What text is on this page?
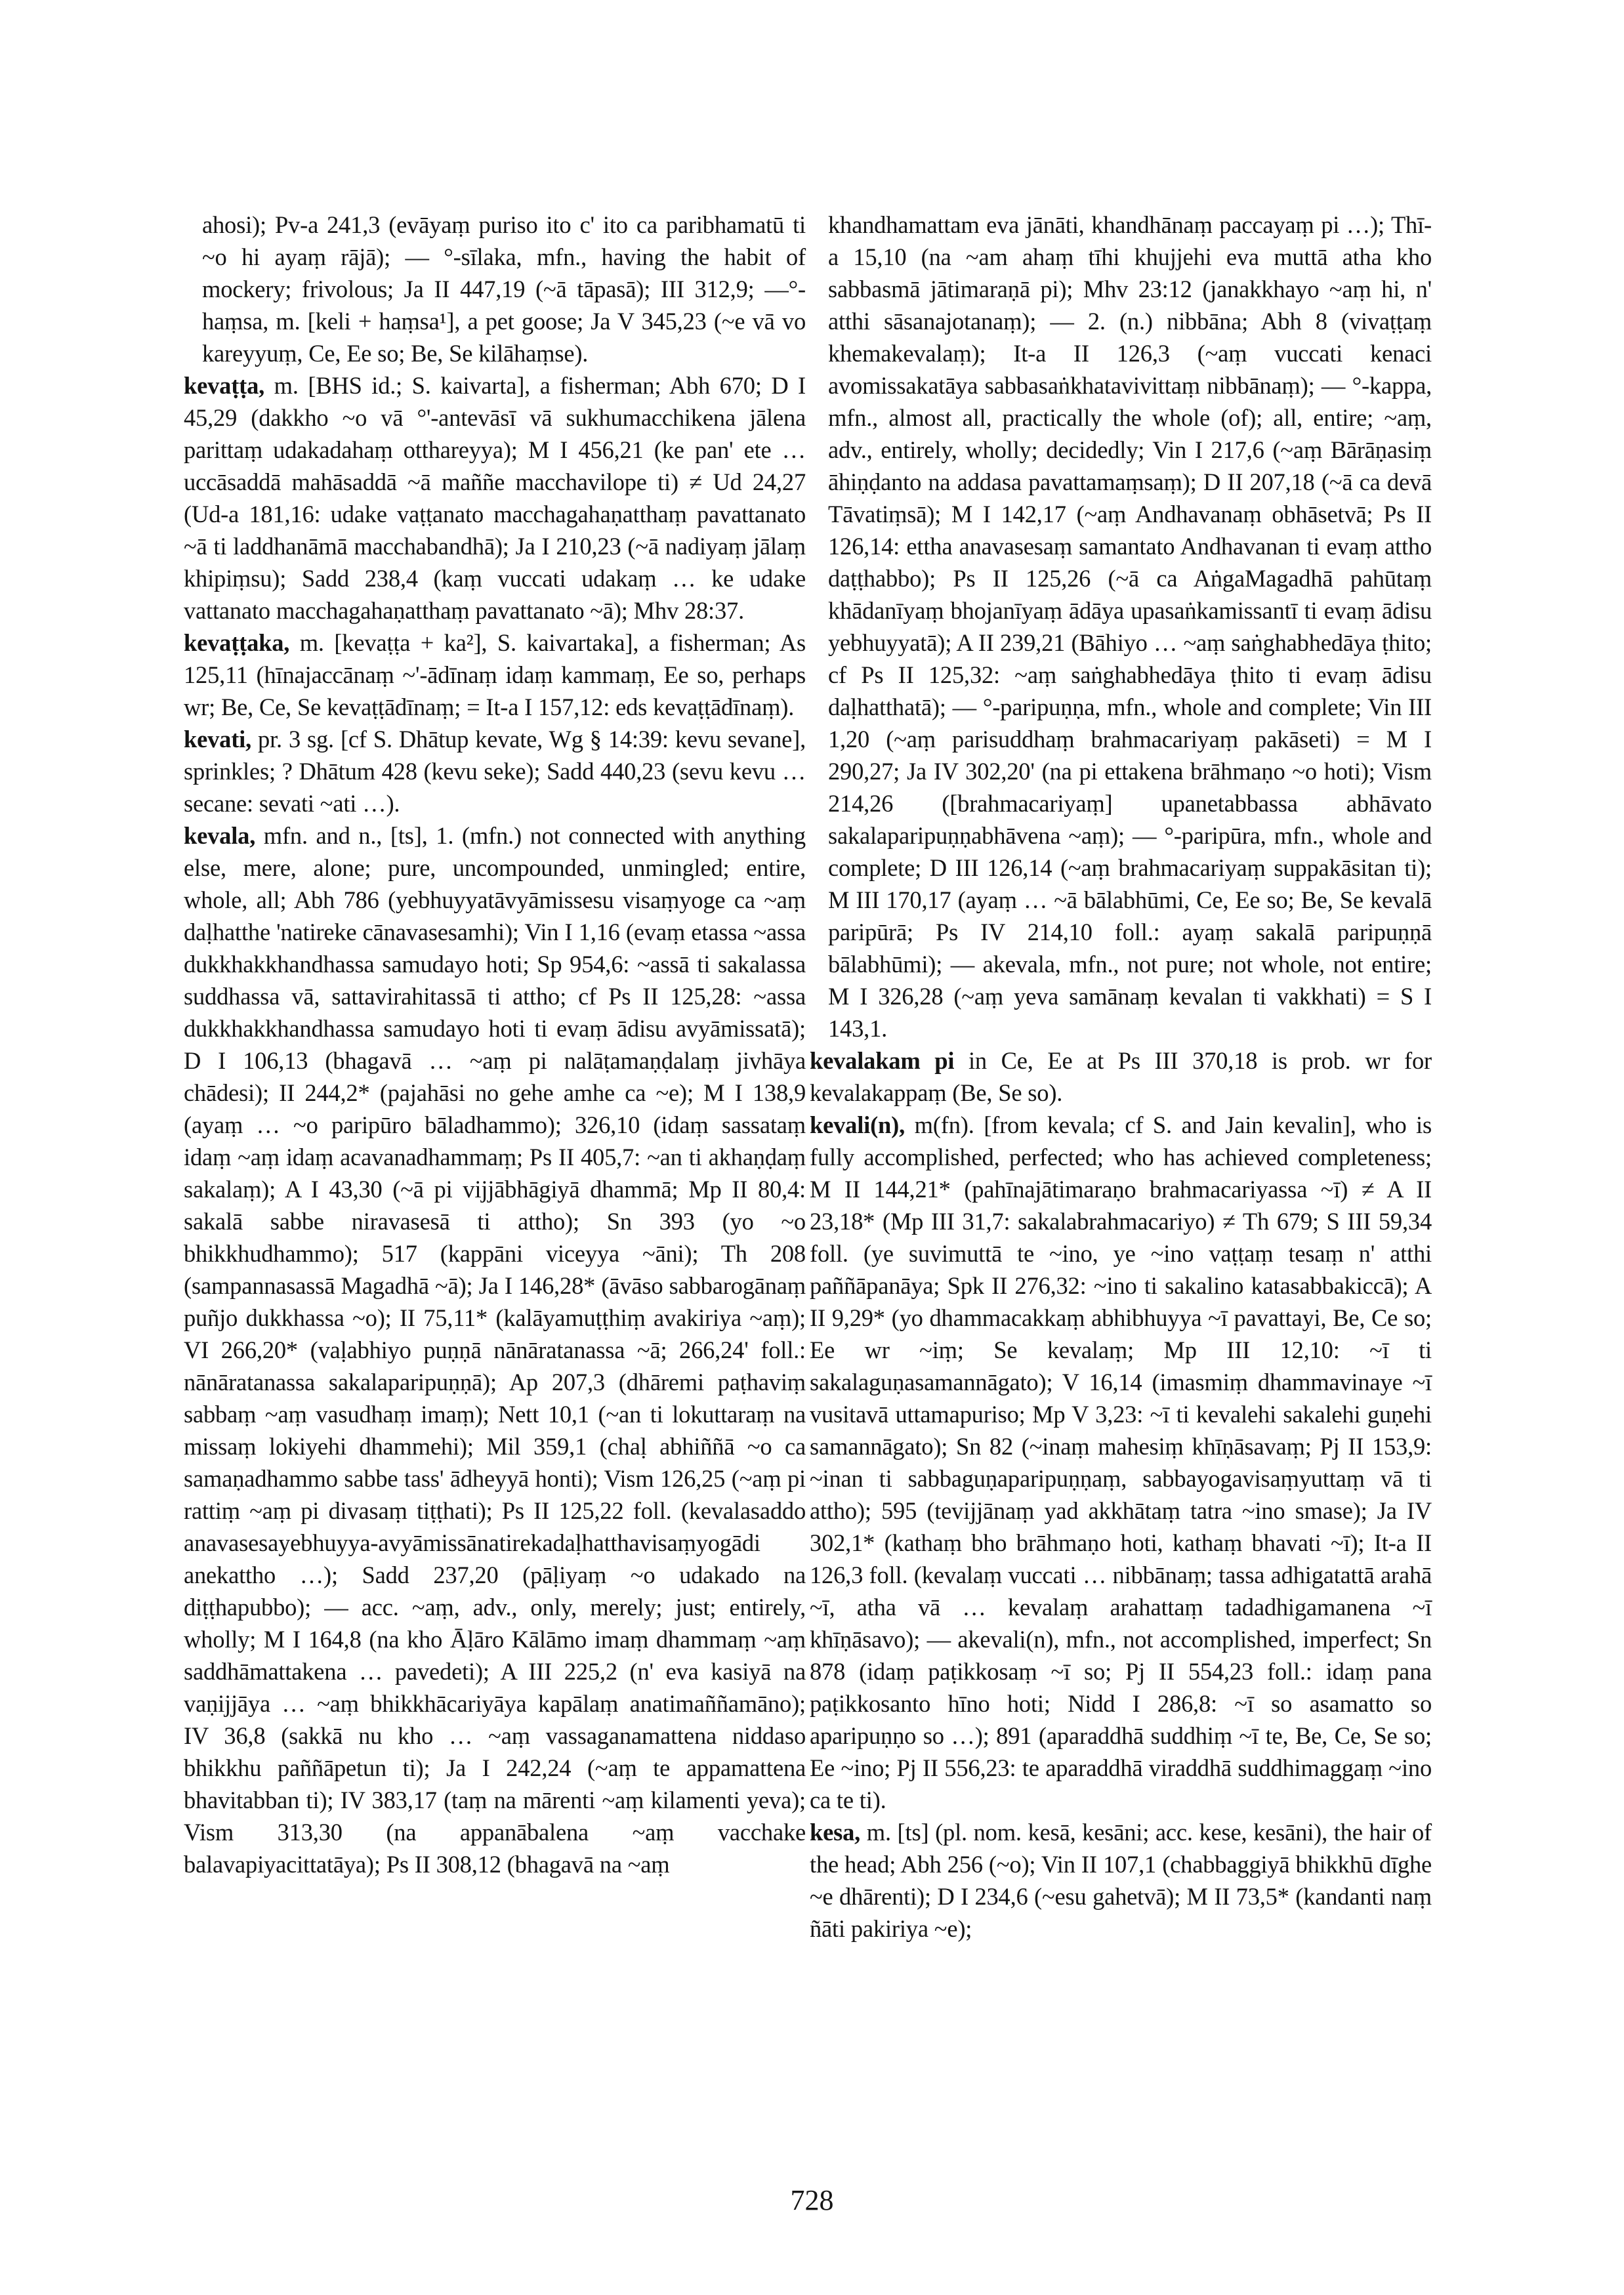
ahosi); Pv-a 241,3 (evāyaṃ puriso ito c' ito ca paribhamatū ti ~o hi ayaṃ rājā); — °-sīlaka, mfn., having the habit of mockery; frivolous; Ja II 447,19 (~ā tāpasā); III 312,9; —°-haṃsa, m. [keli + haṃsa¹], a pet goose; Ja V 345,23 (~e vā vo kareyyuṃ, Ce, Ee so; Be, Se kilāhaṃse).
kevaṭṭa, m. [BHS id.; S. kaivarta], a fisherman; Abh 670; D I 45,29 (dakkho ~o vā °'-antevāsī vā sukhumacchikena jālena parittaṃ udakadahaṃ otthareyya); M I 456,21 (ke pan' ete … uccāsaddā mahāsaddā ~ā maññe macchavilope ti) ≠ Ud 24,27 (Ud-a 181,16: udake vaṭṭanato macchagahaṇatthaṃ pavattanato ~ā ti laddhanāmā macchabandhā); Ja I 210,23 (~ā nadiyaṃ jālaṃ khipiṃsu); Sadd 238,4 (kaṃ vuccati udakaṃ … ke udake vattanato macchagahaṇatthaṃ pavattanato ~ā); Mhv 28:37.
kevaṭṭaka, m. [kevaṭṭa + ka²], S. kaivartaka], a fisherman; As 125,11 (hīnajaccānaṃ ~'-ādīnaṃ idaṃ kammaṃ, Ee so, perhaps wr; Be, Ce, Se kevaṭṭādīnaṃ; = It-a I 157,12: eds kevaṭṭādīnaṃ).
kevati, pr. 3 sg. [cf S. Dhātup kevate, Wg § 14:39: kevu sevane], sprinkles; ? Dhātum 428 (kevu seke); Sadd 440,23 (sevu kevu … secane: sevati ~ati …).
kevala, mfn. and n., [ts], 1. (mfn.) not connected with anything else, mere, alone; pure, uncompounded, unmingled; entire, whole, all; Abh 786 (yebhuyyatāvyāmissesu visaṃyoge ca ~aṃ daḷhatthe 'natireke cānavasesamhi); Vin I 1,16 (evaṃ etassa ~assa dukkhakkhandhassa samudayo hoti; Sp 954,6: ~assā ti sakalassa suddhassa vā, sattavirahitassā ti attho; cf Ps II 125,28: ~assa dukkhakkhandhassa samudayo hoti ti evaṃ ādisu avyāmissatā); D I 106,13 (bhagavā … ~aṃ pi nalāṭamaṇḍalaṃ jivhāya chādesi); II 244,2* (pajahāsi no gehe amhe ca ~e); M I 138,9 (ayaṃ … ~o paripūro bāladhammo); 326,10 (idaṃ sassataṃ idaṃ ~aṃ idaṃ acavanadhammaṃ; Ps II 405,7: ~an ti akhaṇḍaṃ sakalaṃ); A I 43,30 (~ā pi vijjābhāgiyā dhammā; Mp II 80,4: sakalā sabbe niravasesā ti attho); Sn 393 (yo ~o bhikkhudhammo); 517 (kappāni viceyya ~āni); Th 208 (sampannasassā Magadhā ~ā); Ja I 146,28* (āvāso sabbarogānaṃ puñjo dukkhassa ~o); II 75,11* (kalāyamuṭṭhiṃ avakiriya ~aṃ); VI 266,20* (vaḷabhiyo puṇṇā nānāratanassa ~ā; 266,24' foll.: nānāratanassa sakalaparipuṇṇā); Ap 207,3 (dhāremi paṭhaviṃ sabbaṃ ~aṃ vasudhaṃ imaṃ); Nett 10,1 (~an ti lokuttaraṃ na missaṃ lokiyehi dhammehi); Mil 359,1 (chaḷ abhiññā ~o ca samaṇadhammo sabbe tass' ādheyyā honti); Vism 126,25 (~aṃ pi rattiṃ ~aṃ pi divasaṃ tiṭṭhati); Ps II 125,22 foll. (kevalasaddo anavasesayebhuyya-avyāmissānatirekadaḷhatthavisaṃyogādi anekattho …); Sadd 237,20 (pāḷiyaṃ ~o udakado na diṭṭhapubbo); — acc. ~aṃ, adv., only, merely; just; entirely, wholly; M I 164,8 (na kho Āḷāro Kālāmo imaṃ dhammaṃ ~aṃ saddhāmattakena … pavedeti); A III 225,2 (n' eva kasiyā na vaṇijjāya … ~aṃ bhikkhācariyāya kapālaṃ anatimaññamāno); IV 36,8 (sakkā nu kho … ~aṃ vassaganamattena niddaso bhikkhu paññāpetun ti); Ja I 242,24 (~aṃ te appamattena bhavitabban ti); IV 383,17 (taṃ na mārenti ~aṃ kilamenti yeva); Vism 313,30 (na appanābalena ~aṃ vacchake balavapiyacittatāya); Ps II 308,12 (bhagavā na ~aṃ
khandhamattam eva jānāti, khandhānaṃ paccayaṃ pi …); Thī-a 15,10 (na ~am ahaṃ tīhi khujjehi eva muttā atha kho sabbasmā jātimaraṇā pi); Mhv 23:12 (janakkhayo ~aṃ hi, n' atthi sāsanajotanaṃ); — 2. (n.) nibbāna; Abh 8 (vivaṭṭaṃ khemakevalaṃ); It-a II 126,3 (~aṃ vuccati kenaci avomissakatāya sabbasaṅkhatavivittaṃ nibbānaṃ); — °-kappa, mfn., almost all, practically the whole (of); all, entire; ~aṃ, adv., entirely, wholly; decidedly; Vin I 217,6 (~aṃ Bārāṇasiṃ āhiṇḍanto na addasa pavattamaṃsaṃ); D II 207,18 (~ā ca devā Tāvatiṃsā); M I 142,17 (~aṃ Andhavanaṃ obhāsetvā; Ps II 126,14: ettha anavasesaṃ samantato Andhavanan ti evaṃ attho daṭṭhabbo); Ps II 125,26 (~ā ca AṅgaMagadhā pahūtaṃ khādanīyaṃ bhojanīyaṃ ādāya upasaṅkamissantī ti evaṃ ādisu yebhuyyatā); A II 239,21 (Bāhiyo … ~aṃ saṅghabhedāya ṭhito; cf Ps II 125,32: ~aṃ saṅghabhedāya ṭhito ti evaṃ ādisu daḷhatthatā); — °-paripuṇṇa, mfn., whole and complete; Vin III 1,20 (~aṃ parisuddhaṃ brahmacariyaṃ pakāseti) = M I 290,27; Ja IV 302,20' (na pi ettakena brāhmaṇo ~o hoti); Vism 214,26 ([brahmacariyaṃ] upanetabbassa abhāvato sakalaparipuṇṇabhāvena ~aṃ); — °-paripūra, mfn., whole and complete; D III 126,14 (~aṃ brahmacariyaṃ suppakāsitan ti); M III 170,17 (ayaṃ … ~ā bālabhūmi, Ce, Ee so; Be, Se kevalā paripūrā; Ps IV 214,10 foll.: ayaṃ sakalā paripuṇṇā bālabhūmi); — akevala, mfn., not pure; not whole, not entire; M I 326,28 (~aṃ yeva samānaṃ kevalan ti vakkhati) = S I 143,1.
kevalakam pi in Ce, Ee at Ps III 370,18 is prob. wr for kevalakappaṃ (Be, Se so).
kevali(n), m(fn). [from kevala; cf S. and Jain kevalin], who is fully accomplished, perfected; who has achieved completeness; M II 144,21* (pahīnajātimaraṇo brahmacariyassa ~ī) ≠ A II 23,18* (Mp III 31,7: sakalabrahmacariyo) ≠ Th 679; S III 59,34 foll. (ye suvimuttā te ~ino, ye ~ino vaṭṭaṃ tesaṃ n' atthi paññāpanāya; Spk II 276,32: ~ino ti sakalino katasabbakiccā); A II 9,29* (yo dhammacakkaṃ abhibhuyya ~ī pavattayi, Be, Ce so; Ee wr ~iṃ; Se kevalaṃ; Mp III 12,10: ~ī ti sakalaguṇasamannāgato); V 16,14 (imasmiṃ dhammavinaye ~ī vusitavā uttamapuriso; Mp V 3,23: ~ī ti kevalehi sakalehi guṇehi samannāgato); Sn 82 (~inaṃ mahesiṃ khīṇāsavaṃ; Pj II 153,9: ~inan ti sabbaguṇaparipuṇṇaṃ, sabbayogavisaṃyuttaṃ vā ti attho); 595 (tevijjānaṃ yad akkhātaṃ tatra ~ino smase); Ja IV 302,1* (kathaṃ bho brāhmaṇo hoti, kathaṃ bhavati ~ī); It-a II 126,3 foll. (kevalaṃ vuccati … nibbānaṃ; tassa adhigatattā arahā ~ī, atha vā … kevalaṃ arahattaṃ tadadhigamanena ~ī khīṇāsavo); — akevali(n), mfn., not accomplished, imperfect; Sn 878 (idaṃ paṭikkosaṃ ~ī so; Pj II 554,23 foll.: idaṃ pana paṭikkosanto hīno hoti; Nidd I 286,8: ~ī so asamatto so aparipuṇṇo so …); 891 (aparaddhā suddhiṃ ~ī te, Be, Ce, Se so; Ee ~ino; Pj II 556,23: te aparaddhā viraddhā suddhimaggaṃ ~ino ca te ti).
kesa, m. [ts] (pl. nom. kesā, kesāni; acc. kese, kesāni), the hair of the head; Abh 256 (~o); Vin II 107,1 (chabbaggiyā bhikkhū dīghe ~e dhārenti); D I 234,6 (~esu gahetvā); M II 73,5* (kandanti naṃ ñāti pakiriya ~e);
728
